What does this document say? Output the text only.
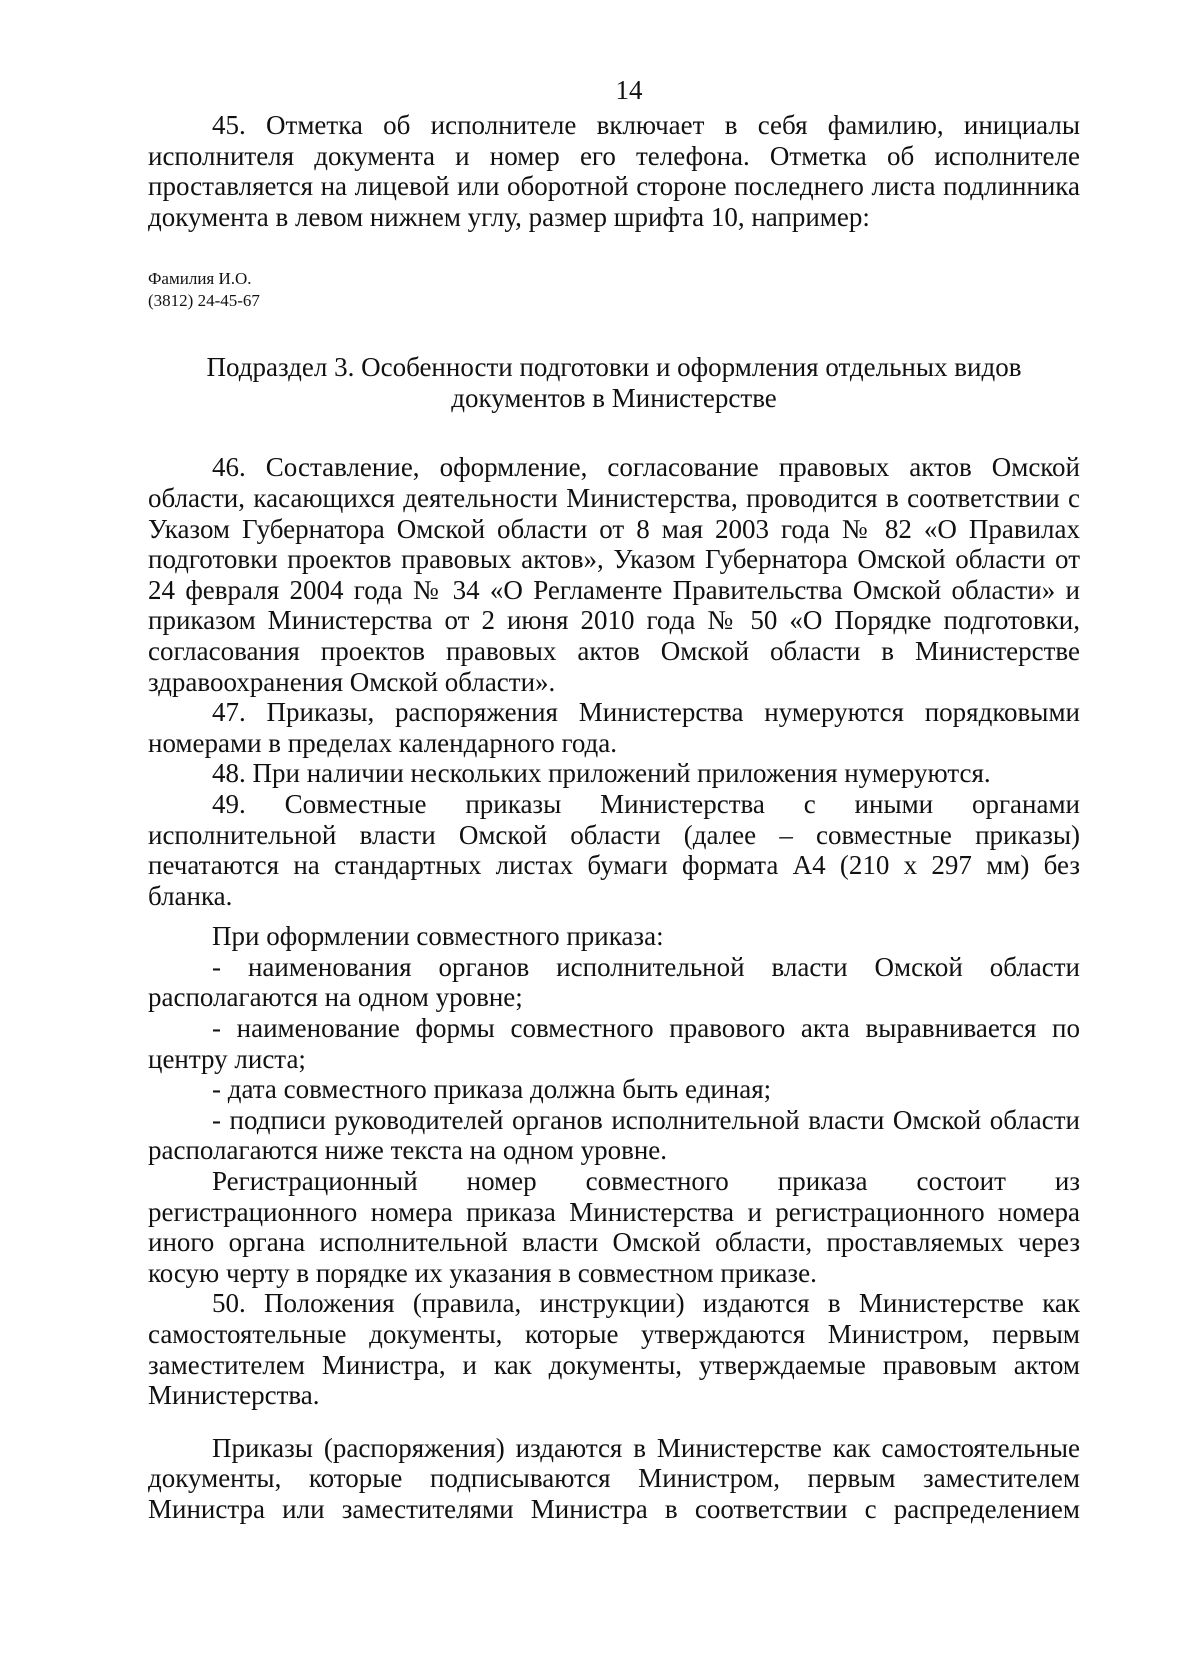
14

45. Отметка об исполнителе включает в себя фамилию, инициалы исполнителя документа и номер его телефона. Отметка об исполнителе проставляется на лицевой или оборотной стороне последнего листа подлинника документа в левом нижнем углу, размер шрифта 10, например:

Фамилия И.О.
(3812) 24-45-67
Подраздел 3. Особенности подготовки и оформления отдельных видов
документов в Министерстве

46. Составление, оформление, согласование правовых актов Омской области, касающихся деятельности Министерства, проводится в соответствии с Указом Губернатора Омской области от 8 мая 2003 года № 82 «О Правилах подготовки проектов правовых актов», Указом Губернатора Омской области от 24 февраля 2004 года № 34 «О Регламенте Правительства Омской области» и приказом Министерства от 2 июня 2010 года № 50 «О Порядке подготовки, согласования проектов правовых актов Омской области в Министерстве здравоохранения Омской области».

47. Приказы, распоряжения Министерства нумеруются порядковыми номерами в пределах календарного года.

48. При наличии нескольких приложений приложения нумеруются.

49. Совместные приказы Министерства с иными органами исполнительной власти Омской области (далее – совместные приказы) печатаются на стандартных листах бумаги формата А4 (210 х 297 мм) без бланка.

При оформлении совместного приказа:

- наименования органов исполнительной власти Омской области располагаются на одном уровне;

- наименование формы совместного правового акта выравнивается по центру листа;

- дата совместного приказа должна быть единая;

- подписи руководителей органов исполнительной власти Омской области располагаются ниже текста на одном уровне.

Регистрационный номер совместного приказа состоит из регистрационного номера приказа Министерства и регистрационного номера иного органа исполнительной власти Омской области, проставляемых через косую черту в порядке их указания в совместном приказе.

50. Положения (правила, инструкции) издаются в Министерстве как самостоятельные документы, которые утверждаются Министром, первым заместителем Министра, и как документы, утверждаемые правовым актом Министерства.

Приказы (распоряжения) издаются в Министерстве как самостоятельные документы, которые подписываются Министром, первым заместителем Министра или заместителями Министра в соответствии с распределением
